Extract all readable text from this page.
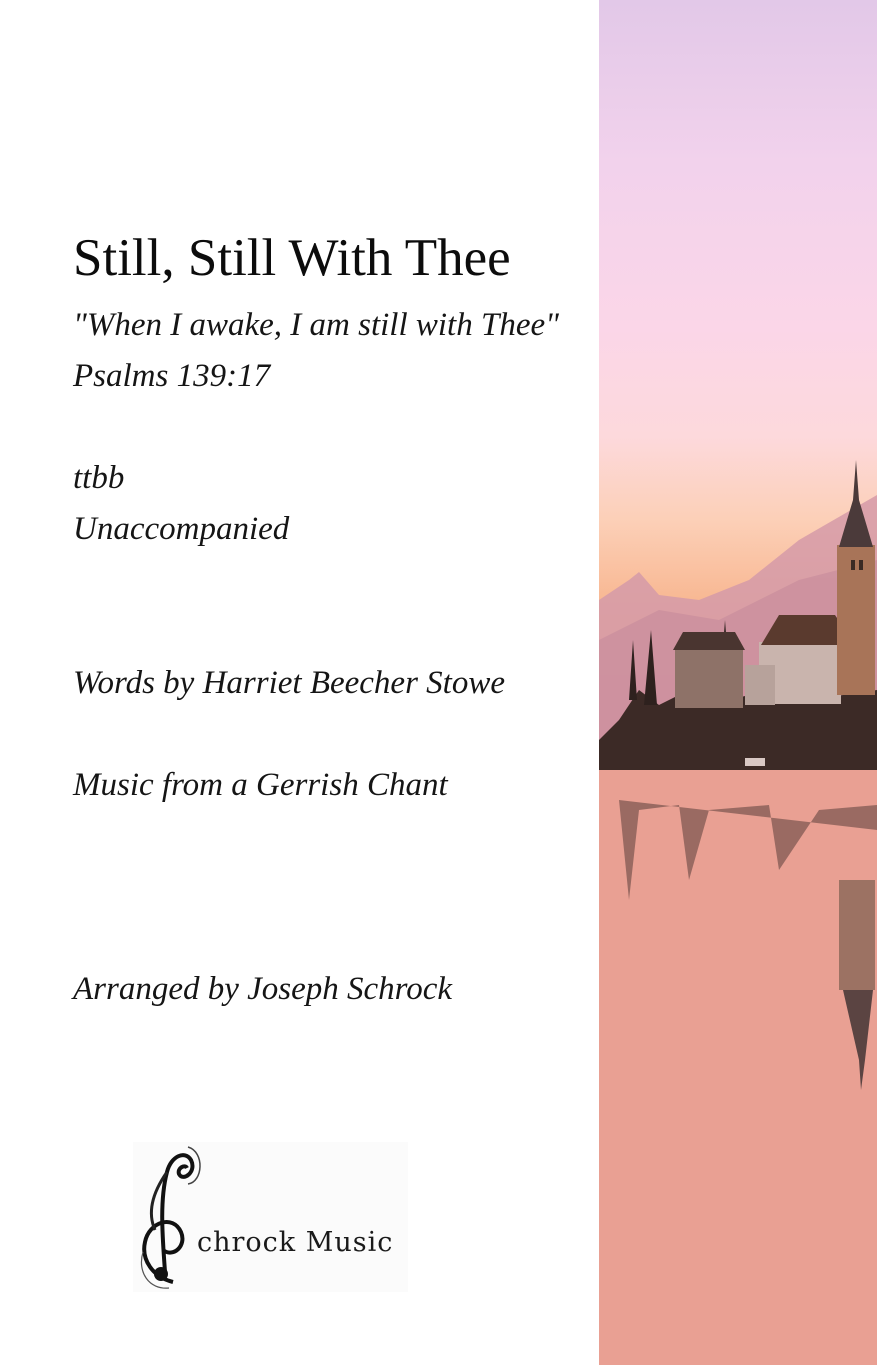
Still, Still With Thee
"When I awake, I am still with Thee"
Psalms 139:17
ttbb
Unaccompanied
Words by Harriet Beecher Stowe
Music from a Gerrish Chant
Arranged by Joseph Schrock
chrock Music
